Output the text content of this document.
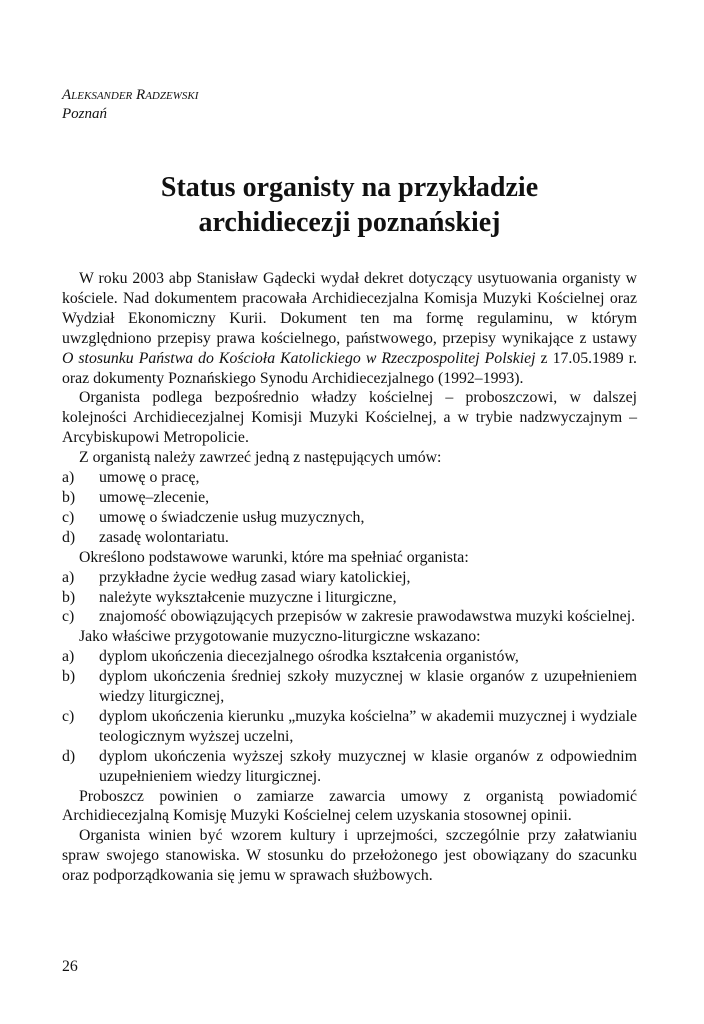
Aleksander Radzewski
Poznań
Status organisty na przykładzie
archidiecezji poznańskiej

W roku 2003 abp Stanisław Gądecki wydał dekret dotyczący usytuowania organisty w kościele. Nad dokumentem pracowała Archidiecezjalna Komisja Muzyki Kościelnej oraz Wydział Ekonomiczny Kurii. Dokument ten ma formę regulaminu, w którym uwzględniono przepisy prawa kościelnego, państwowego, przepisy wynikające z ustawy O stosunku Państwa do Kościoła Katolickiego w Rzeczpospolitej Polskiej z 17.05.1989 r. oraz dokumenty Poznańskiego Synodu Archidiecezjalnego (1992–1993).

Organista podlega bezpośrednio władzy kościelnej – proboszczowi, w dalszej kolejności Archidiecezjalnej Komisji Muzyki Kościelnej, a w trybie nadzwyczajnym – Arcybiskupowi Metropolicie.

Z organistą należy zawrzeć jedną z następujących umów:

a) umowę o pracę,
b) umowę–zlecenie,
c) umowę o świadczenie usług muzycznych,
d) zasadę wolontariatu.

Określono podstawowe warunki, które ma spełniać organista:

a) przykładne życie według zasad wiary katolickiej,
b) należyte wykształcenie muzyczne i liturgiczne,
c) znajomość obowiązujących przepisów w zakresie prawodawstwa muzyki kościelnej.

Jako właściwe przygotowanie muzyczno-liturgiczne wskazano:

a) dyplom ukończenia diecezjalnego ośrodka kształcenia organistów,
b) dyplom ukończenia średniej szkoły muzycznej w klasie organów z uzupełnieniem wiedzy liturgicznej,
c) dyplom ukończenia kierunku „muzyka kościelna” w akademii muzycznej i wydziale teologicznym wyższej uczelni,
d) dyplom ukończenia wyższej szkoły muzycznej w klasie organów z odpowiednim uzupełnieniem wiedzy liturgicznej.

Proboszcz powinien o zamiarze zawarcia umowy z organistą powiadomić Archidiecezjalną Komisję Muzyki Kościelnej celem uzyskania stosownej opinii.

Organista winien być wzorem kultury i uprzejmości, szczególnie przy załatwianiu spraw swojego stanowiska. W stosunku do przełożonego jest obowiązany do szacunku oraz podporządkowania się jemu w sprawach służbowych.

26
